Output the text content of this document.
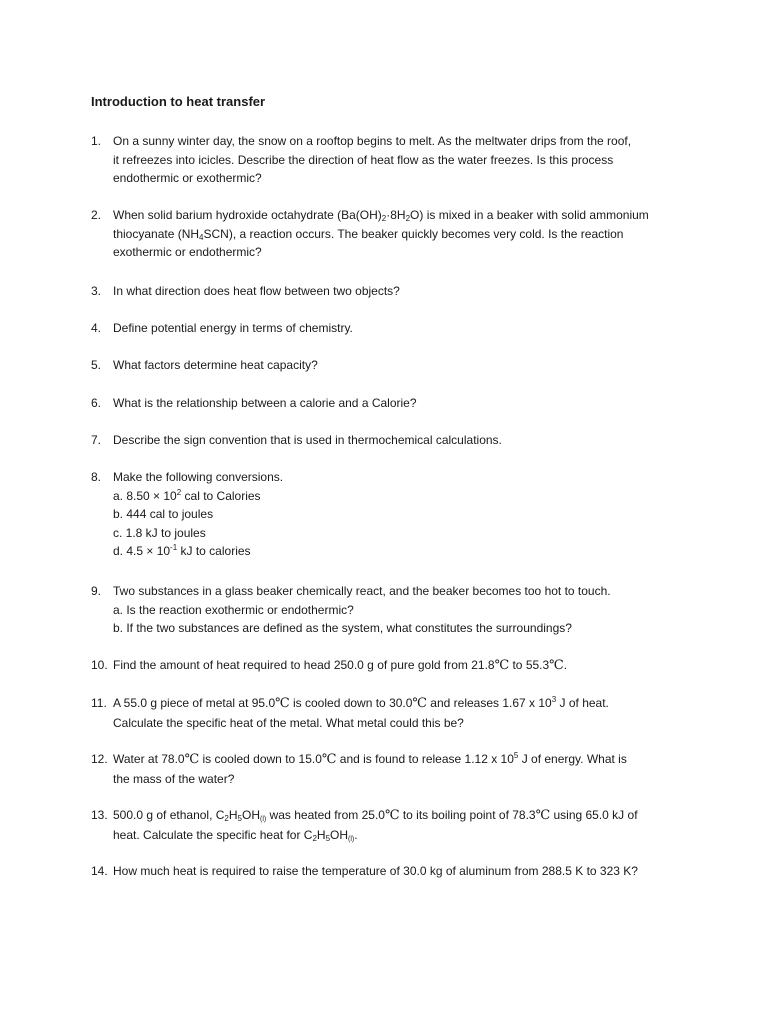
Introduction to heat transfer
1. On a sunny winter day, the snow on a rooftop begins to melt. As the meltwater drips from the roof,
it refreezes into icicles. Describe the direction of heat flow as the water freezes. Is this process
endothermic or exothermic?
2. When solid barium hydroxide octahydrate $(Ba(OH)_2\cdot 8H_2O)$ is mixed in a beaker with solid ammonium
thiocyanate $(NH_4SCN)$, a reaction occurs. The beaker quickly becomes very cold. Is the reaction
exothermic or endothermic?
3. In what direction does heat flow between two objects?
4. Define potential energy in terms of chemistry.
5. What factors determine heat capacity?
6. What is the relationship between a calorie and a Calorie?
7. Describe the sign convention that is used in thermochemical calculations.
8. Make the following conversions.
a. $8.50 \times 10^2$ cal to Calories
b. 444 cal to joules
c. 1.8 kJ to joules
d. $4.5 \times 10^{-1}$ kJ to calories
9. Two substances in a glass beaker chemically react, and the beaker becomes too hot to touch.
a. Is the reaction exothermic or endothermic?
b. If the two substances are defined as the system, what constitutes the surroundings?
10. Find the amount of heat required to head 250.0 g of pure gold from 21.8℃ to 55.3℃.
11. A 55.0 g piece of metal at 95.0℃ is cooled down to 30.0℃ and releases 1.67 x $10^3$ J of heat.
Calculate the specific heat of the metal. What metal could this be?
12. Water at 78.0℃ is cooled down to 15.0℃ and is found to release 1.12 x $10^5$ J of energy. What is
the mass of the water?
13. 500.0 g of ethanol, $C_2H_5OH_{(l)}$ was heated from 25.0℃ to its boiling point of 78.3℃ using 65.0 kJ of
heat. Calculate the specific heat for $C_2H_5OH_{(l)}$.
14. How much heat is required to raise the temperature of 30.0 kg of aluminum from 288.5 K to 323 K?
